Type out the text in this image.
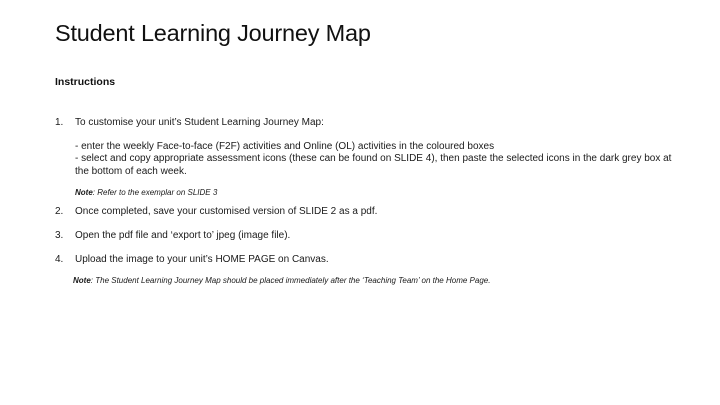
Student Learning Journey Map
Instructions
1. To customise your unit’s Student Learning Journey Map:

- enter the weekly Face-to-face (F2F) activities and Online (OL) activities in the coloured boxes

- select and copy appropriate assessment icons (these can be found on SLIDE 4), then paste the selected icons in the dark grey box at the bottom of each week.

Note: Refer to the exemplar on SLIDE 3

2. Once completed, save your customised version of SLIDE 2 as a pdf.
3. Open the pdf file and ‘export to’ jpeg (image file).
4. Upload the image to your unit’s HOME PAGE on Canvas.
Note: The Student Learning Journey Map should be placed immediately after the ‘Teaching Team’ on the Home Page.
